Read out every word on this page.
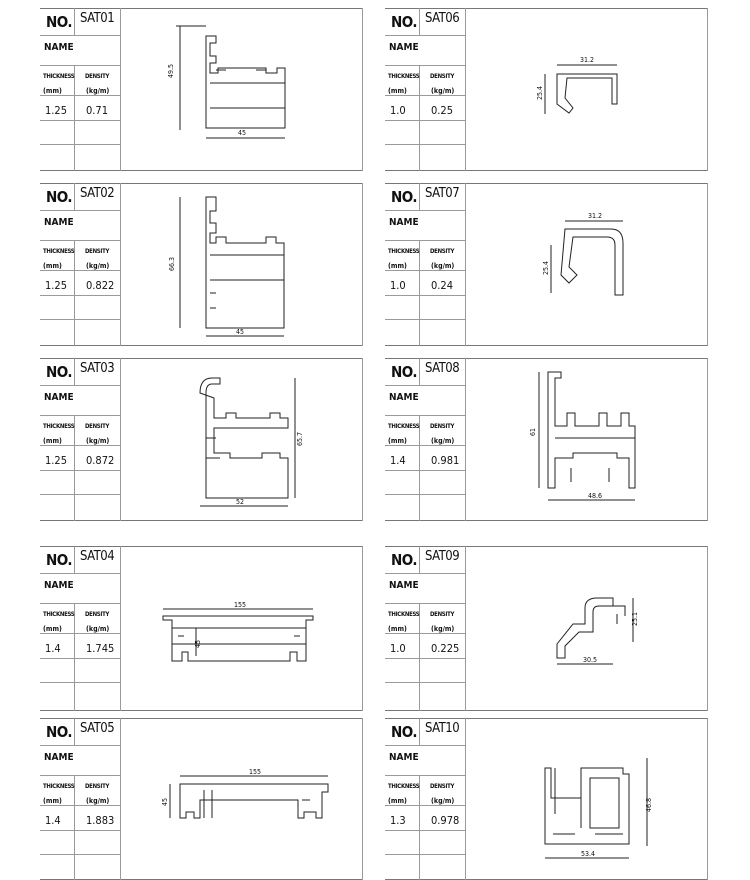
NO. SAT01
NAME
THICKNESS
(mm)
DENSITY
(kg/m)
1.25 0.71
49.5
45
NO. SAT06
NAME
THICKNESS
(mm)
DENSITY
(kg/m)
1.0 0.25
31.2
25.4
NO. SAT02
NAME
THICKNESS
(mm)
DENSITY
(kg/m)
1.25 0.822
66.3
45
NO. SAT07
NAME
THICKNESS
(mm)
DENSITY
(kg/m)
1.0 0.24
31.2
25.4
NO. SAT03
NAME
THICKNESS
(mm)
DENSITY
(kg/m)
1.25 0.872
65.7
52
NO. SAT08
NAME
THICKNESS
(mm)
DENSITY
(kg/m)
1.4 0.981
61
48.6
NO. SAT04
NAME
THICKNESS
(mm)
DENSITY
(kg/m)
1.4 1.745
155
45
NO. SAT09
NAME
THICKNESS
(mm)
DENSITY
(kg/m)
1.0 0.225
25.1
30.5
NO. SAT05
NAME
THICKNESS
(mm)
DENSITY
(kg/m)
1.4 1.883
155
45
NO. SAT10
NAME
THICKNESS
(mm)
DENSITY
(kg/m)
1.3 0.978
46.8
53.4
